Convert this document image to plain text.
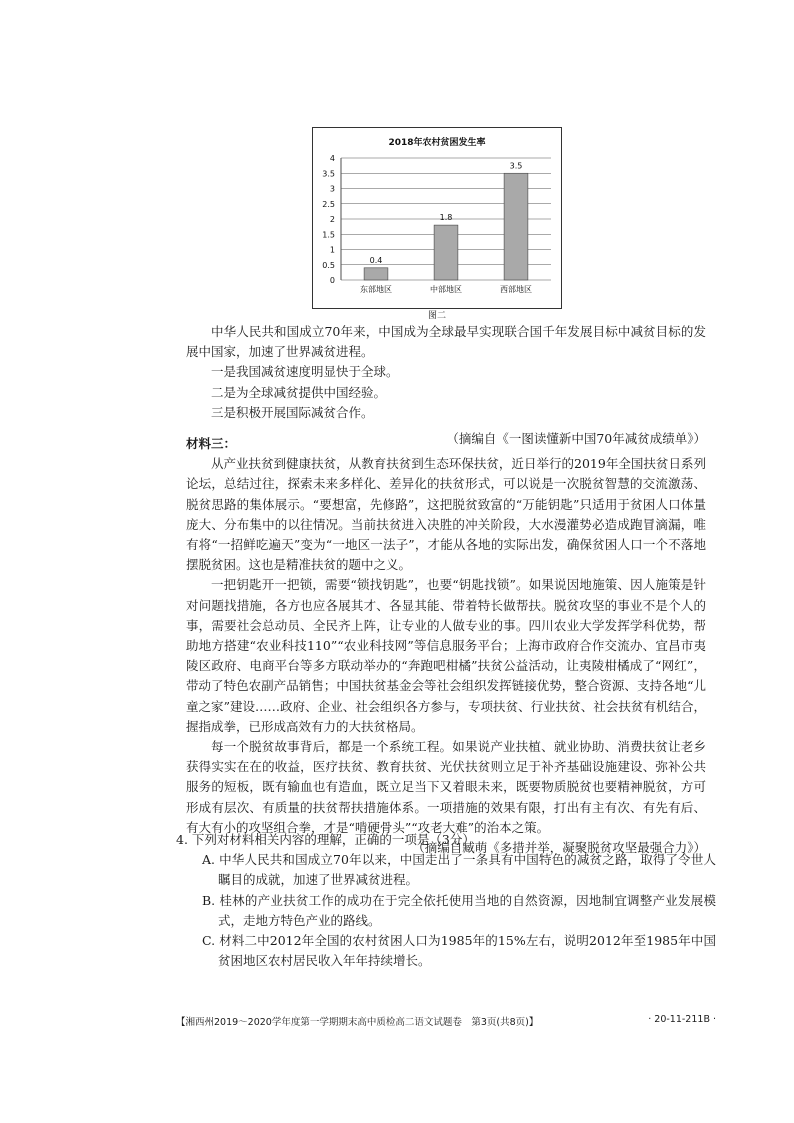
2018年农村贫困发生率
0
0.5
1
1.5
2
2.5
3
3.5
4
0.4
东部地区
1.8
中部地区
3.5
西部地区
图二

中华人民共和国成立70年来，中国成为全球最早实现联合国千年发展目标中减贫目标的发展中国家，加速了世界减贫进程。

一是我国减贫速度明显快于全球。

二是为全球减贫提供中国经验。

三是积极开展国际减贫合作。

（摘编自《一图读懂新中国70年减贫成绩单》）

材料三：

从产业扶贫到健康扶贫，从教育扶贫到生态环保扶贫，近日举行的2019年全国扶贫日系列论坛，总结过往，探索未来多样化、差异化的扶贫形式，可以说是一次脱贫智慧的交流激荡、脱贫思路的集体展示。“要想富，先修路”，这把脱贫致富的“万能钥匙”只适用于贫困人口体量庞大、分布集中的以往情况。当前扶贫进入决胜的冲关阶段，大水漫灌势必造成跑冒滴漏，唯有将“一招鲜吃遍天”变为“一地区一法子”，才能从各地的实际出发，确保贫困人口一个不落地摆脱贫困。这也是精准扶贫的题中之义。

一把钥匙开一把锁，需要“锁找钥匙”，也要“钥匙找锁”。如果说因地施策、因人施策是针对问题找措施，各方也应各展其才、各显其能、带着特长做帮扶。脱贫攻坚的事业不是个人的事，需要社会总动员、全民齐上阵，让专业的人做专业的事。四川农业大学发挥学科优势，帮助地方搭建“农业科技110”“农业科技网”等信息服务平台；上海市政府合作交流办、宜昌市夷陵区政府、电商平台等多方联动举办的“奔跑吧柑橘”扶贫公益活动，让夷陵柑橘成了“网红”，带动了特色农副产品销售；中国扶贫基金会等社会组织发挥链接优势，整合资源、支持各地“儿童之家”建设……政府、企业、社会组织各方参与，专项扶贫、行业扶贫、社会扶贫有机结合，握指成拳，已形成高效有力的大扶贫格局。

每一个脱贫故事背后，都是一个系统工程。如果说产业扶植、就业协助、消费扶贫让老乡获得实实在在的收益，医疗扶贫、教育扶贫、光伏扶贫则立足于补齐基础设施建设、弥补公共服务的短板，既有输血也有造血，既立足当下又着眼未来，既要物质脱贫也要精神脱贫，方可形成有层次、有质量的扶贫帮扶措施体系。一项措施的效果有限，打出有主有次、有先有后、有大有小的攻坚组合拳，才是“啃硬骨头”“攻老大难”的治本之策。

（摘编自臧萌《多措并举，凝聚脱贫攻坚最强合力》）

4. 下列对材料相关内容的理解，正确的一项是（3分）

A. 中华人民共和国成立70年以来，中国走出了一条具有中国特色的减贫之路，取得了令世人瞩目的成就，加速了世界减贫进程。

B. 桂林的产业扶贫工作的成功在于完全依托使用当地的自然资源，因地制宜调整产业发展模式，走地方特色产业的路线。

C. 材料二中2012年全国的农村贫困人口为1985年的15%左右，说明2012年至1985年中国贫困地区农村居民收入年年持续增长。

【湘西州2019～2020学年度第一学期期末高中质检高二语文试题卷　第3页(共8页)】	· 20-11-211B ·
